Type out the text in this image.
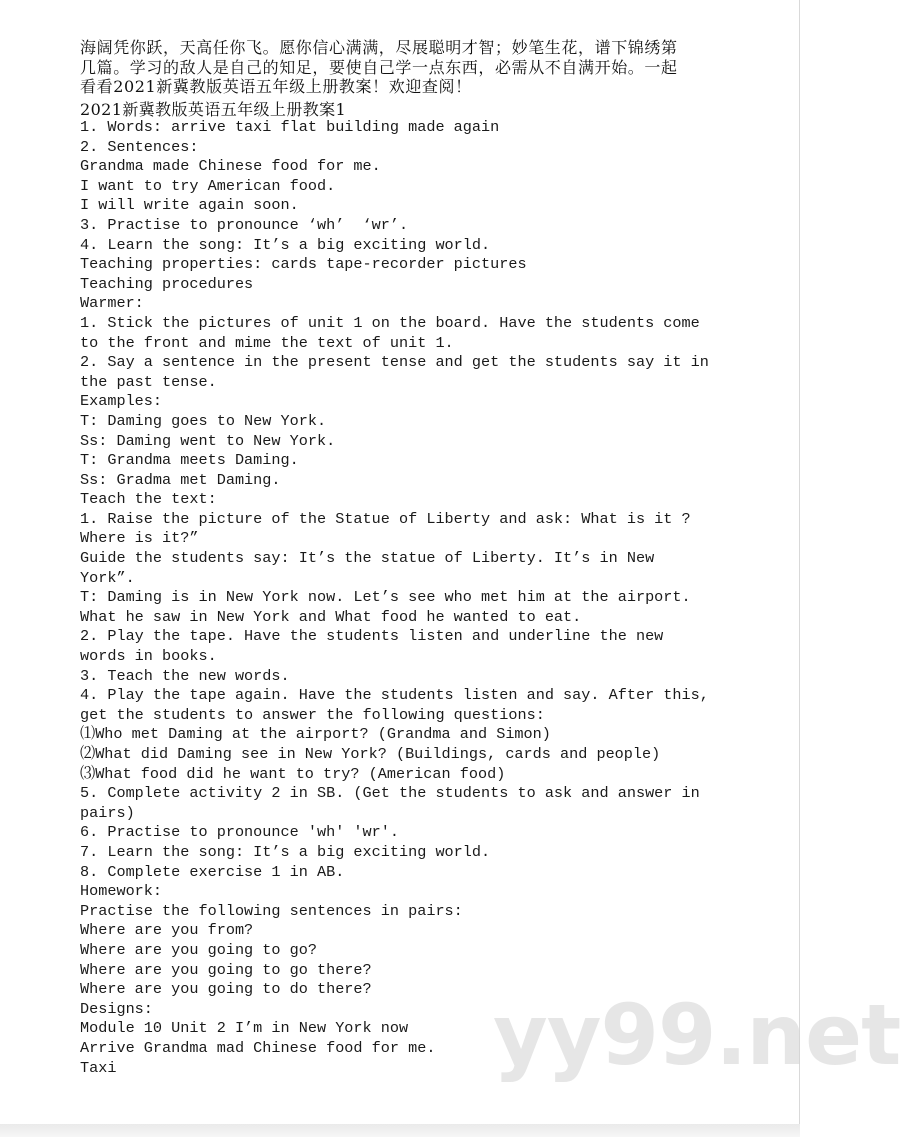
海阔凭你跃，天高任你飞。愿你信心满满，尽展聪明才智；妙笔生花，谱下锦绣第
几篇。学习的敌人是自己的知足，要使自己学一点东西，必需从不自满开始。一起
看看2021新冀教版英语五年级上册教案！欢迎查阅！
2021新冀教版英语五年级上册教案1
1. Words: arrive taxi flat building made again
2. Sentences:
Grandma made Chinese food for me.
I want to try American food.
I will write again soon.
3. Practise to pronounce ‘wh’  ‘wr’.
4. Learn the song: It’s a big exciting world.
Teaching properties: cards tape-recorder pictures
Teaching procedures
Warmer:
1. Stick the pictures of unit 1 on the board. Have the students come
to the front and mime the text of unit 1.
2. Say a sentence in the present tense and get the students say it in
the past tense.
Examples:
T: Daming goes to New York.
Ss: Daming went to New York.
T: Grandma meets Daming.
Ss: Gradma met Daming.
Teach the text:
1. Raise the picture of the Statue of Liberty and ask: What is it ?
Where is it?”
Guide the students say: It’s the statue of Liberty. It’s in New
York”.
T: Daming is in New York now. Let’s see who met him at the airport.
What he saw in New York and What food he wanted to eat.
2. Play the tape. Have the students listen and underline the new
words in books.
3. Teach the new words.
4. Play the tape again. Have the students listen and say. After this,
get the students to answer the following questions:
⑴Who met Daming at the airport? (Grandma and Simon)
⑵What did Daming see in New York? (Buildings, cards and people)
⑶What food did he want to try? (American food)
5. Complete activity 2 in SB. (Get the students to ask and answer in
pairs)
6. Practise to pronounce 'wh' 'wr'.
7. Learn the song: It’s a big exciting world.
8. Complete exercise 1 in AB.
Homework:
Practise the following sentences in pairs:
Where are you from?
Where are you going to go?
Where are you going to go there?
Where are you going to do there?
Designs:
Module 10 Unit 2 I’m in New York now
Arrive Grandma mad Chinese food for me.
Taxi	yy99.net
